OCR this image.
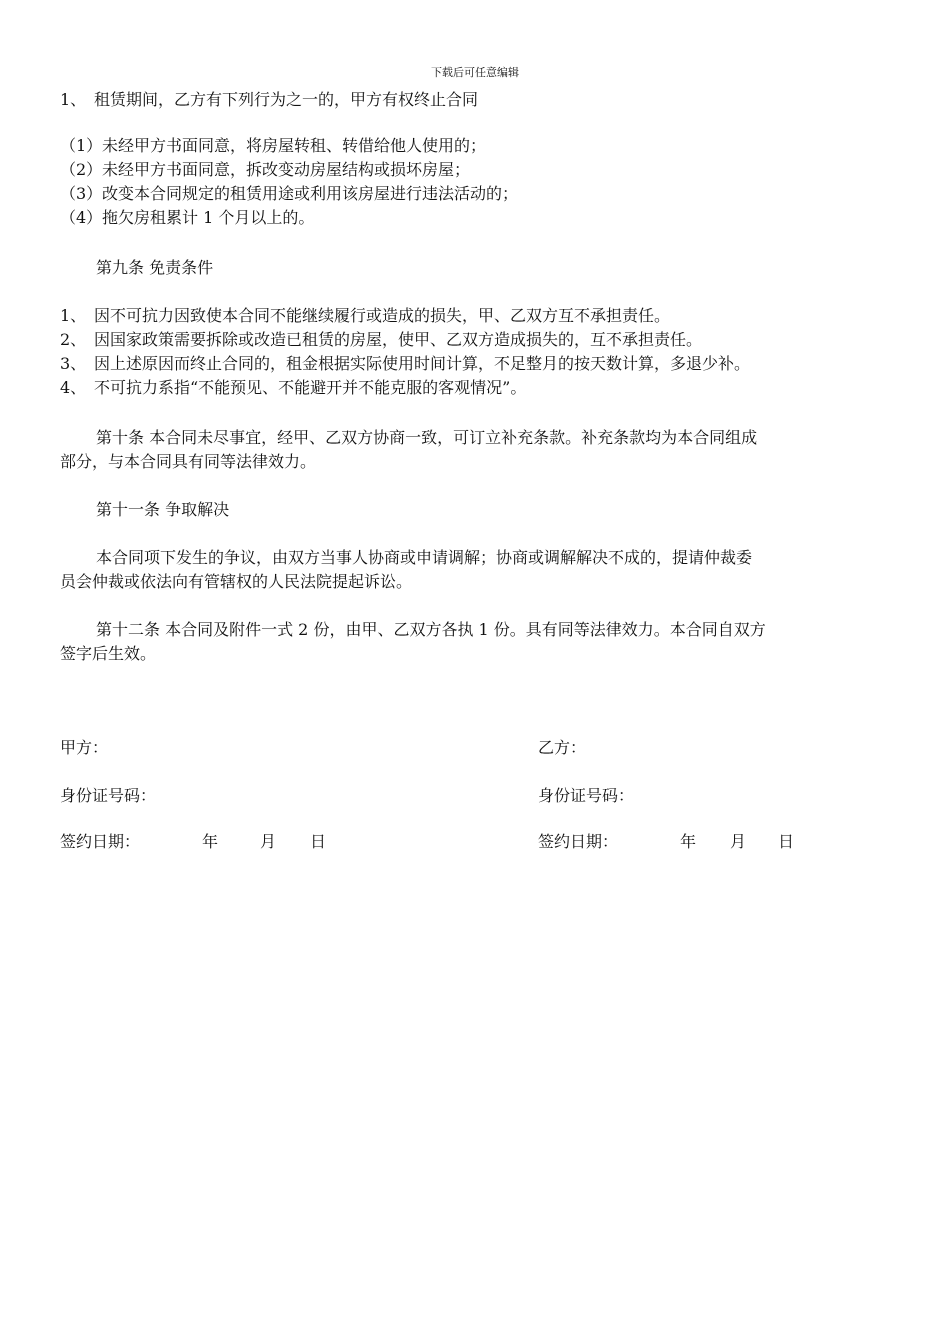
下载后可任意编辑
1、 租赁期间，乙方有下列行为之一的，甲方有权终止合同
（1）未经甲方书面同意，将房屋转租、转借给他人使用的；
（2）未经甲方书面同意，拆改变动房屋结构或损坏房屋；
（3）改变本合同规定的租赁用途或利用该房屋进行违法活动的；
（4）拖欠房租累计 1 个月以上的。
第九条 免责条件
1、 因不可抗力因致使本合同不能继续履行或造成的损失，甲、乙双方互不承担责任。
2、 因国家政策需要拆除或改造已租赁的房屋，使甲、乙双方造成损失的，互不承担责任。
3、 因上述原因而终止合同的，租金根据实际使用时间计算，不足整月的按天数计算，多退少补。
4、 不可抗力系指“不能预见、不能避开并不能克服的客观情况”。
第十条 本合同未尽事宜，经甲、乙双方协商一致，可订立补充条款。补充条款均为本合同组成
部分，与本合同具有同等法律效力。
第十一条 争取解决
本合同项下发生的争议，由双方当事人协商或申请调解；协商或调解解决不成的，提请仲裁委
员会仲裁或依法向有管辖权的人民法院提起诉讼。
第十二条 本合同及附件一式 2 份，由甲、乙双方各执 1 份。具有同等法律效力。本合同自双方
签字后生效。
甲方：	乙方：
身份证号码：	身份证号码：
签约日期：	年	月 日	签约日期：	年 月 日
